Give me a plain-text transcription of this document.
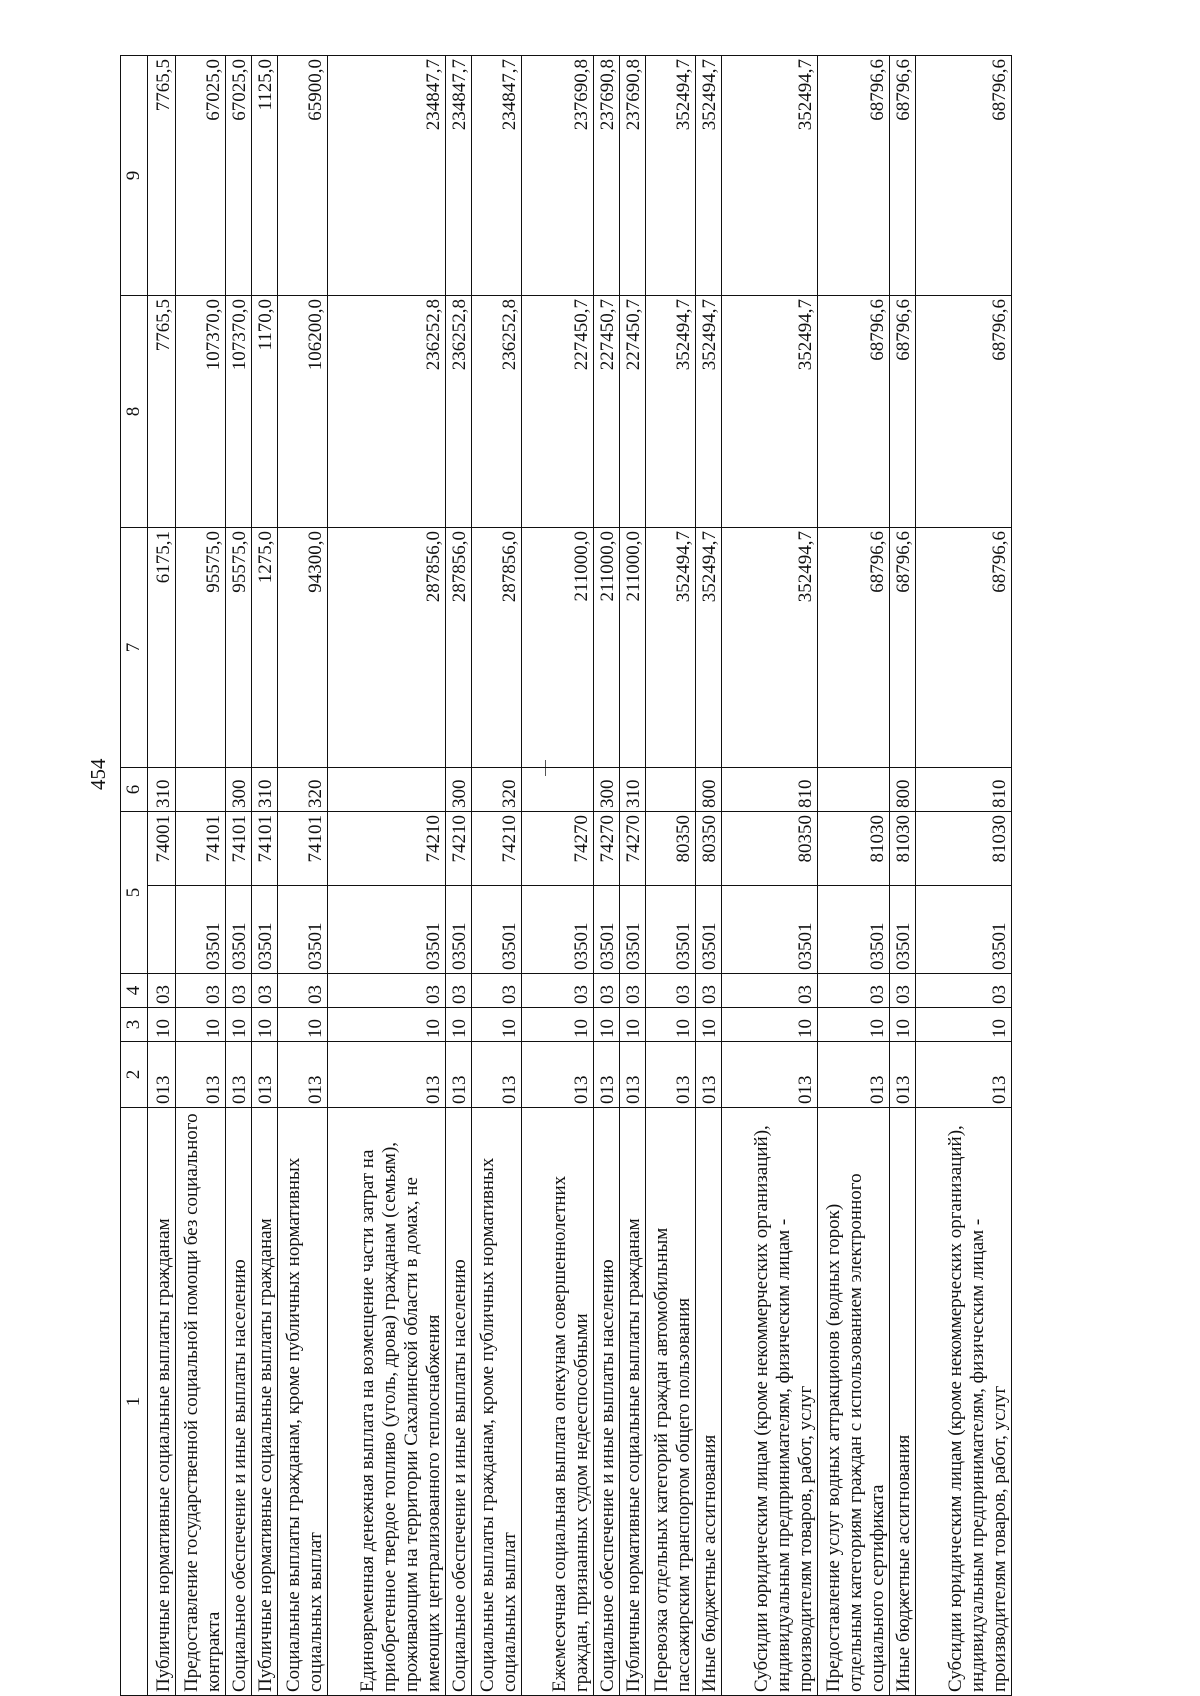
454
1	2	3	4	5		6	7	8	9
Публичные нормативные социальные выплаты гражданам	013	10	03		74001	310	6175,1	7765,5	7765,5
Предоставление государственной социальной помощи без социального контракта	013	10	03	03501	74101		95575,0	107370,0	67025,0
Социальное обеспечение и иные выплаты населению	013	10	03	03501	74101	300	95575,0	107370,0	67025,0
Публичные нормативные социальные выплаты гражданам	013	10	03	03501	74101	310	1275,0	1170,0	1125,0
Социальные выплаты гражданам, кроме публичных нормативных социальных выплат	013	10	03	03501	74101	320	94300,0	106200,0	65900,0
Единовременная денежная выплата на возмещение части затрат на приобретенное твердое топливо (уголь, дрова) гражданам (семьям), проживающим на территории Сахалинской области в домах, не имеющих централизованного теплоснабжения	013	10	03	03501	74210		287856,0	236252,8	234847,7
Социальное обеспечение и иные выплаты населению	013	10	03	03501	74210	300	287856,0	236252,8	234847,7
Социальные выплаты гражданам, кроме публичных нормативных социальных выплат	013	10	03	03501	74210	320	287856,0	236252,8	234847,7
Ежемесячная социальная выплата опекунам совершеннолетних граждан, признанных судом недееспособными	013	10	03	03501	74270		211000,0	227450,7	237690,8
Социальное обеспечение и иные выплаты населению	013	10	03	03501	74270	300	211000,0	227450,7	237690,8
Публичные нормативные социальные выплаты гражданам	013	10	03	03501	74270	310	211000,0	227450,7	237690,8
Перевозка отдельных категорий граждан автомобильным пассажирским транспортом общего пользования	013	10	03	03501	80350		352494,7	352494,7	352494,7
Иные бюджетные ассигнования	013	10	03	03501	80350	800	352494,7	352494,7	352494,7
Субсидии юридическим лицам (кроме некоммерческих организаций), индивидуальным предпринимателям, физическим лицам - производителям товаров, работ, услуг	013	10	03	03501	80350	810	352494,7	352494,7	352494,7
Предоставление услуг водных аттракционов (водных горок) отдельным категориям граждан с использованием электронного социального сертификата	013	10	03	03501	81030		68796,6	68796,6	68796,6
Иные бюджетные ассигнования	013	10	03	03501	81030	800	68796,6	68796,6	68796,6
Субсидии юридическим лицам (кроме некоммерческих организаций), индивидуальным предпринимателям, физическим лицам - производителям товаров, работ, услуг	013	10	03	03501	81030	810	68796,6	68796,6	68796,6
